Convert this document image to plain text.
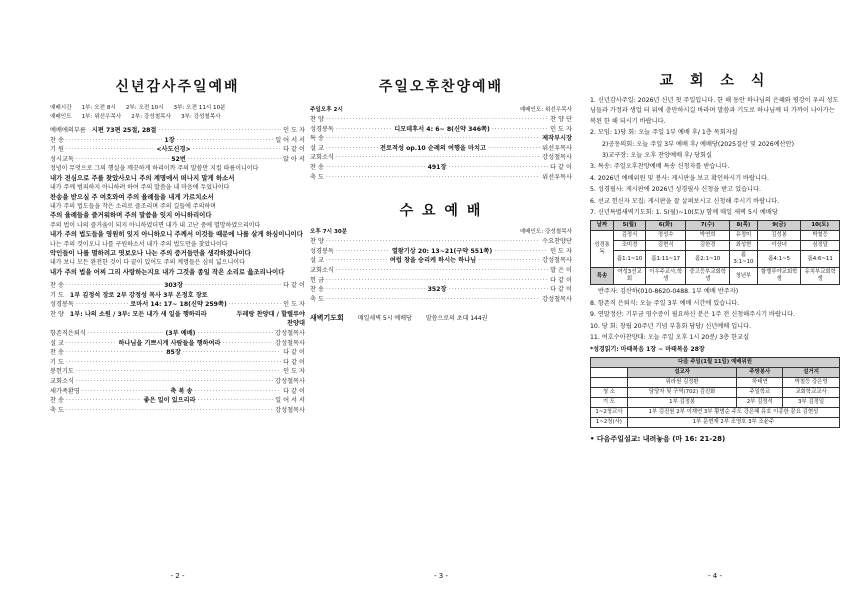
신년감사주일예배
예배시간 1부: 오전 8시 2부: 오전 10시 3부: 오전 11시 10분
예배인도 1부: 위선우목사 2부: 강성철목사 3부: 강성철목사
예배에의부름 시편 73편 25절, 28절 ·····	인 도 자
찬 송 ·····	1장 ·····	일 어 서 서
기 원 ·····	<사도신경> ·····	다 같 이
성시교독 ·····	52번 ·····	앉 아 서
정녕이 무엇으로 그의 행실을 깨끗하게 하리이까 주의 말씀만 지킬 따름이니이다
내가 전심으로 주를 찾았사오니 주의 계명에서 떠나지 말게 하소서
내가 주께 범죄하지 아니하려 하여 주의 말씀을 내 마음에 두었나이다
찬송을 받으실 주 여호와여 주의 율례들을 내게 가르치소서
내가 주의 법도들을 작은 소리로 즐조리며 주의 길들에 주의하며
주의 율례들을 즐거워하며 주의 말씀을 잊지 아니하리이다
주의 법이 나의 즐거움이 되지 아니하였더면 내가 내 고난 중에 멸망하였으리이다
내가 주의 법도들을 영원히 잊지 아니하오니 주께서 이것들 때문에 나를 살게 하심이니이다
나는 주의 것이오니 나를 구원하소서 내가 주의 법도만을 찾았나이다
악인들이 나를 멸하려고 엿보오나 나는 주의 증거들만을 생각하겠나이다
내가 보니 모든 완전한 것이 다 끝이 있어도 주의 계명들은 심히 넓으니이다
내가 주의 법을 어찌 그리 사랑하는지요 내가 그것을 종일 작은 소리로 읊조리나이다
찬 송 ·····	303장 ·····	다 같 이
기 도 1부 김정석 장로 2부 강정성 목사 3부 온정호 장로
성경봉독 ·····	로마서 14: 17~ 18(신약 259쪽) ·····	인 도 자
찬 양 1부: 나의 소원 / 3부: 모든 내가 새 일을 행하리라	두레랑 찬양대 / 할렐루야찬양대
항존직은퇴식 ·····	(3부 예배) ·····	강성철목사
설 교 ·····	하나님을 기쁘시게 사람들을 행하여라 ·····	강성철목사
찬 송 ·····	85장 ·····	다 같 이
기 도 ·····	다 같 이
봉헌기도 ·····	인 도 자
교회소식 ·····	강성철목사
새가족환영 ·····	축 복 송 ·····	다 같 이
찬 송 ·····	좋은 일이 있으리라 ·····	일 어 서 서
축 도 ·····	강성철목사
- 2 -
주일오후찬양예배
주일오후 2시	예배인도: 위선우목사
찬 양 ·····	찬 양 단
성경봉독 ·····	디모데후서 4: 6~ 8(신약 346쪽) ·····	인 도 자
특 송 ·····	제작부시장
설 교 ·····	전로적성 op.10 순례의 여행을 마치고 ·····	위선우목사
교회소식 ·····	강성철목사
찬 송 ·····	491장 ·····	다 같 이
축 도 ·····	위선우목사
수 요 예 배
오후 7시 30분	예배인도: 강성철목사
찬 양 ·····	수요찬양단
성경봉독 ·····	열왕기상 20: 13~21(구약 551쪽) ·····	인 도 자
설 교 ·····	여럽 창을 승리케 하시는 하나님 ·····	강성철목사
교회소식 ·····	말 은 이
헌 금 ·····	다 같 이
찬 송 ·····	352장 ·····	다 같 이
축 도 ·····	강성철목사
새벽기도회 매일새벽 5시 예배당 말씀으로의 초대 144권
- 3 -
교 회 소 식
1. 신년감사주일: 2026년 신년 첫 주일입니다. 한 해 동안 하나님의 은혜와 평강이 우리 성도님들과 가정과 생업 터 위에 충만하시길 바라며 말씀과 기도로 하나님께 더 가까이 나아가는 복된 한 해 되시기 바랍니다.
2. 모임: 1)당 회: 오늘 주일 1부 예배 후/ 1층 목회자실
2)공동의회: 오늘 주일 3부 예배 후/ 예배당(2025결산 및 2026예산안)
3)교구장: 오늘 오후 찬양예배 후/ 당회실
3. 특송: 주일오후찬양예배 특송 신청자를 받습니다.
4. 2026년 예배위원 및 봉사: 게시판을 보고 확인하시기 바랍니다.
5. 성경필사: 게시판에 2026년 성경필사 신청을 받고 있습니다.
6. 선교 헌신자 모집: 게시판을 잘 살펴보시고 신청해 주시기 바랍니다.
7. 신년특별새벽기도회: 1. 5(월)~10(토)/ 함께 매일 새벽 5시 예배당
날짜	5(월)	6(화)	7(수)	8(목)	9(금)	10(토)
성경통독	김정식	정성수	박연희	유정미	김성봉	박철등
	조미경	김현식	김한경	최성현	이상녀	심정달
	롬1:1~10	롬1:11~17	롬2:1~10	롬3:1~10	롬4:1~5	롬4:6~11
특송	여성3선교회	이우주교사,학생	중고등부교회학생	청년부	할렐루야교회학생	유치부교회학생
반주자: 김산하(010-8620-0488. 1부 예배 반주자)
8. 항존직 은퇴식: 오늘 주일 3부 예배 시간에 있습니다.
9. 연말정산: 기부금 영수증이 필요하신 분은 1주 전 신청해주시기 바랍니다.
10. 당 회: 창립 20주년 기념 부흥회 담당/ 신년예배 입니다.
11. 여호수아찬양대: 오늘 주일 오후 1시 20분/ 3층 한교실
*성경읽기: 마태복음 1장 ~ 마태복음 28장
다음 주일(1월 11일) 예배위원			
	설교자	주방봉사	설거지
	위라원 김정환	하태연	박철등 강은영
청 소	담당자 및 구역(702) 김진화	주일학교	교회학교교사
기 도	1부 김정봉	2부 김정석	3부 김정일
1~2청교사	1부 김진원 2부 이재연 3부 황범순 주도 강은혜 유호 이종한 끝요 김현성		
1~2청(사)	1부 문현재 2부 조영호 3부 조윤주		
• 다음주일설교: 내려놓음 (마 16: 21-28)
- 4 -
